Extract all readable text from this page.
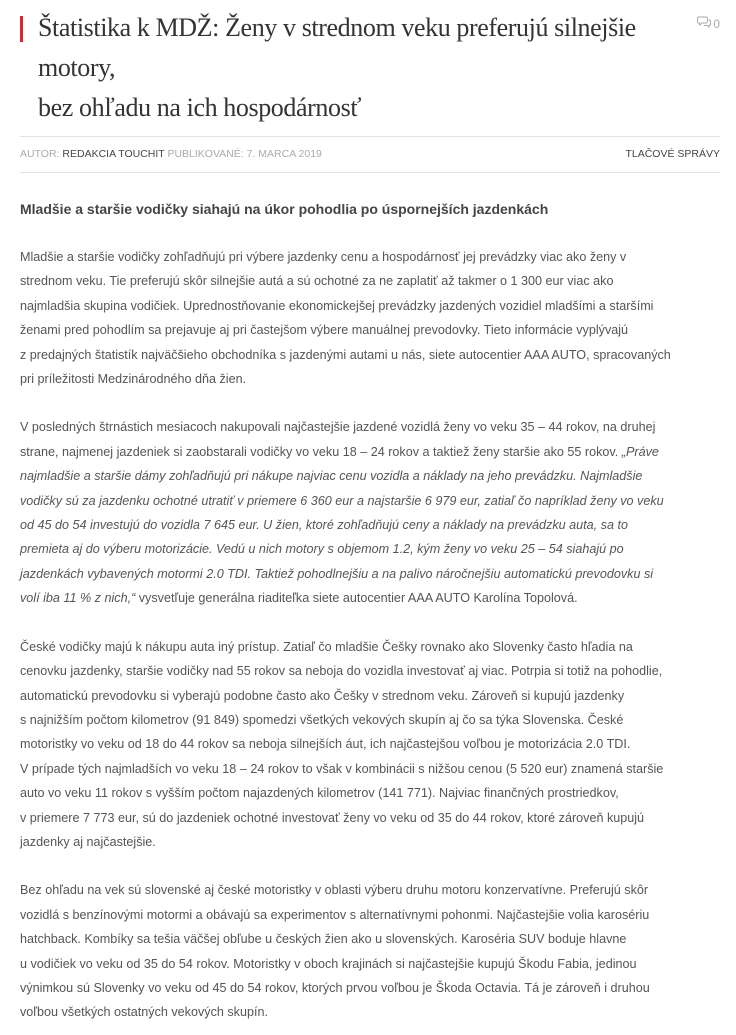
Štatistika k MDŽ: Ženy v strednom veku preferujú silnejšie motory,
bez ohľadu na ich hospodárnosť
0
AUTOR: REDAKCIA TOUCHIT PUBLIKOVANÉ: 7. MARCA 2019	TLAČOVÉ SPRÁVY
Mladšie a staršie vodičky siahajú na úkor pohodlia po úspornejších jazdenkách
Mladšie a staršie vodičky zohľadňujú pri výbere jazdenky cenu a hospodárnosť jej prevádzky viac ako ženy v
strednom veku. Tie preferujú skôr silnejšie autá a sú ochotné za ne zaplatiť až takmer o 1 300 eur viac ako
najmladšia skupina vodičiek. Uprednostňovanie ekonomickejšej prevádzky jazdených vozidiel mladšími a staršími
ženami pred pohodlím sa prejavuje aj pri častejšom výbere manuálnej prevodovky. Tieto informácie vyplývajú
z predajných štatistík najväčšieho obchodníka s jazdenými autami u nás, siete autocentier AAA AUTO, spracovaných
pri príležitosti Medzinárodného dňa žien.
V posledných štrnástich mesiacoch nakupovali najčastejšie jazdené vozidlá ženy vo veku 35 – 44 rokov, na druhej
strane, najmenej jazdeniek si zaobstarali vodičky vo veku 18 – 24 rokov a taktiež ženy staršie ako 55 rokov. „Práve
najmladšie a staršie dámy zohľadňujú pri nákupe najviac cenu vozidla a náklady na jeho prevádzku. Najmladšie
vodičky sú za jazdenku ochotné utratiť v priemere 6 360 eur a najstaršie 6 979 eur, zatiaľ čo napríklad ženy vo veku
od 45 do 54 investujú do vozidla 7 645 eur. U žien, ktoré zohľadňujú ceny a náklady na prevádzku auta, sa to
premieta aj do výberu motorizácie. Vedú u nich motory s objemom 1.2, kým ženy vo veku 25 – 54 siahajú po
jazdenkách vybavených motormi 2.0 TDI. Taktiež pohodlnejšiu a na palivo náročnejšiu automatickú prevodovku si
volí iba 11 % z nich,“ vysvetľuje generálna riaditeľka siete autocentier AAA AUTO Karolína Topolová.
České vodičky majú k nákupu auta iný prístup. Zatiaľ čo mladšie Češky rovnako ako Slovenky často hľadia na
cenovku jazdenky, staršie vodičky nad 55 rokov sa neboja do vozidla investovať aj viac. Potrpia si totiž na pohodlie,
automatickú prevodovku si vyberajú podobne často ako Češky v strednom veku. Zároveň si kupujú jazdenky
s najnižším počtom kilometrov (91 849) spomedzi všetkých vekových skupín aj čo sa týka Slovenska. České
motoristky vo veku od 18 do 44 rokov sa neboja silnejších áut, ich najčastejšou voľbou je motorizácia 2.0 TDI.
V prípade tých najmladších vo veku 18 – 24 rokov to však v kombinácii s nižšou cenou (5 520 eur) znamená staršie
auto vo veku 11 rokov s vyšším počtom najazdených kilometrov (141 771). Najviac finančných prostriedkov,
v priemere 7 773 eur, sú do jazdeniek ochotné investovať ženy vo veku od 35 do 44 rokov, ktoré zároveň kupujú
jazdenky aj najčastejšie.
Bez ohľadu na vek sú slovenské aj české motoristky v oblasti výberu druhu motoru konzervatívne. Preferujú skôr
vozidlá s benzínovými motormi a obávajú sa experimentov s alternatívnymi pohonmi. Najčastejšie volia karosériu
hatchback. Kombíky sa tešia väčšej obľube u českých žien ako u slovenských. Karoséria SUV boduje hlavne
u vodičiek vo veku od 35 do 54 rokov. Motoristky v oboch krajinách si najčastejšie kupujú Škodu Fabia, jedinou
výnimkou sú Slovenky vo veku od 45 do 54 rokov, ktorých prvou voľbou je Škoda Octavia. Tá je zároveň i druhou
voľbou všetkých ostatných vekových skupín.
